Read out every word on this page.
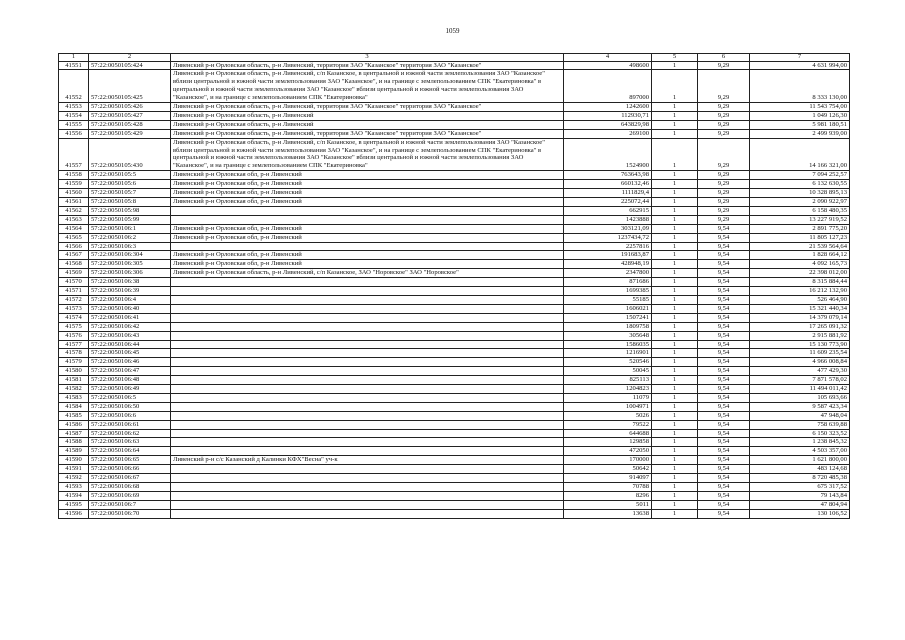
1059
1	2	3	4	5	6	7
41551	57:22:0050105:424	Ливенский р-н Орловская область, р-н Ливенский, территория ЗАО "Казанское" территория ЗАО "Казанское"	498600	1	9,29	4 631 994,00
41552	57:22:0050105:425	Ливенский р-н Орловская область, р-н Ливенский, с/п Казанское, в центральной и южной части землепользования ЗАО "Казанское"
вблизи центральной и южной части землепользования ЗАО "Казанское", и на границе с землепользованием СПК "Екатериновка" в
центральной и южной части землепользования ЗАО "Казанское" вблизи центральной и южной части землепользования ЗАО
"Казанское", и на границе с землепользованием СПК "Екатериновка"	897000	1	9,29	8 333 130,00
41553	57:22:0050105:426	Ливенский р-н Орловская область, р-н Ливенский, территория ЗАО "Казанское" территория ЗАО "Казанское"	1242600	1	9,29	11 543 754,00
41554	57:22:0050105:427	Ливенский р-н Орловская область, р-н Ливенский	112930,71	1	9,29	1 049 126,30
41555	57:22:0050105:428	Ливенский р-н Орловская область, р-н Ливенский	643829,98	1	9,29	5 981 180,51
41556	57:22:0050105:429	Ливенский р-н Орловская область, р-н Ливенский, территория ЗАО "Казанское" территория ЗАО "Казанское"	269100	1	9,29	2 499 939,00
41557	57:22:0050105:430	Ливенский р-н Орловская область, р-н Ливенский, с/п Казанское, в центральной и южной части землепользования ЗАО "Казанское"
вблизи центральной и южной части землепользования ЗАО "Казанское", и на границе с землепользованием СПК "Екатериновка" в
центральной и южной части землепользования ЗАО "Казанское" вблизи центральной и южной части землепользования ЗАО
"Казанское", и на границе с землепользованием СПК "Екатериновка"	1524900	1	9,29	14 166 321,00
41558	57:22:0050105:5	Ливенский р-н Орловская обл, р-н Ливенский	763643,98	1	9,29	7 094 252,57
41559	57:22:0050105:6	Ливенский р-н Орловская обл, р-н Ливенский	660132,46	1	9,29	6 132 630,55
41560	57:22:0050105:7	Ливенский р-н Орловская обл, р-н Ливенский	1111829,4	1	9,29	10 328 895,13
41561	57:22:0050105:8	Ливенский р-н Орловская обл, р-н Ливенский	225072,44	1	9,29	2 090 922,97
41562	57:22:0050105:98		662915	1	9,29	6 158 480,35
41563	57:22:0050105:99		1423888	1	9,29	13 227 919,52
41564	57:22:0050106:1	Ливенский р-н Орловская обл, р-н Ливенский	303121,09	1	9,54	2 891 775,20
41565	57:22:0050106:2	Ливенский р-н Орловская обл, р-н Ливенский	1237434,72	1	9,54	11 805 127,23
41566	57:22:0050106:3		2257816	1	9,54	21 539 564,64
41567	57:22:0050106:304	Ливенский р-н Орловская обл, р-н Ливенский	191683,87	1	9,54	1 828 664,12
41568	57:22:0050106:305	Ливенский р-н Орловская обл, р-н Ливенский	428948,19	1	9,54	4 092 165,73
41569	57:22:0050106:306	Ливенский р-н Орловская область, р-н Ливенский, с/п Казанское, ЗАО "Норовское" ЗАО "Норовское"	2347800	1	9,54	22 398 012,00
41570	57:22:0050106:38		871686	1	9,54	8 315 884,44
41571	57:22:0050106:39		1699385	1	9,54	16 212 132,90
41572	57:22:0050106:4		55185	1	9,54	526 464,90
41573	57:22:0050106:40		1606021	1	9,54	15 321 440,34
41574	57:22:0050106:41		1507241	1	9,54	14 379 079,14
41575	57:22:0050106:42		1809758	1	9,54	17 265 091,32
41576	57:22:0050106:43		305648	1	9,54	2 915 881,92
41577	57:22:0050106:44		1586035	1	9,54	15 130 773,90
41578	57:22:0050106:45		1216901	1	9,54	11 609 235,54
41579	57:22:0050106:46		520546	1	9,54	4 966 008,84
41580	57:22:0050106:47		50045	1	9,54	477 429,30
41581	57:22:0050106:48		825113	1	9,54	7 871 578,02
41582	57:22:0050106:49		1204823	1	9,54	11 494 011,42
41583	57:22:0050106:5		11079	1	9,54	105 693,66
41584	57:22:0050106:50		1004971	1	9,54	9 587 423,34
41585	57:22:0050106:6		5026	1	9,54	47 948,04
41586	57:22:0050106:61		79522	1	9,54	758 639,88
41587	57:22:0050106:62		644688	1	9,54	6 150 323,52
41588	57:22:0050106:63		129858	1	9,54	1 238 845,32
41589	57:22:0050106:64		472050	1	9,54	4 503 357,00
41590	57:22:0050106:65	Ливенский р-н с/с Казанский д Калинки КФХ"Весна" уч-к	170000	1	9,54	1 621 800,00
41591	57:22:0050106:66		50642	1	9,54	483 124,68
41592	57:22:0050106:67		914097	1	9,54	8 720 485,38
41593	57:22:0050106:68		70788	1	9,54	675 317,52
41594	57:22:0050106:69		8296	1	9,54	79 143,84
41595	57:22:0050106:7		5011	1	9,54	47 804,94
41596	57:22:0050106:70		13638	1	9,54	130 106,52
